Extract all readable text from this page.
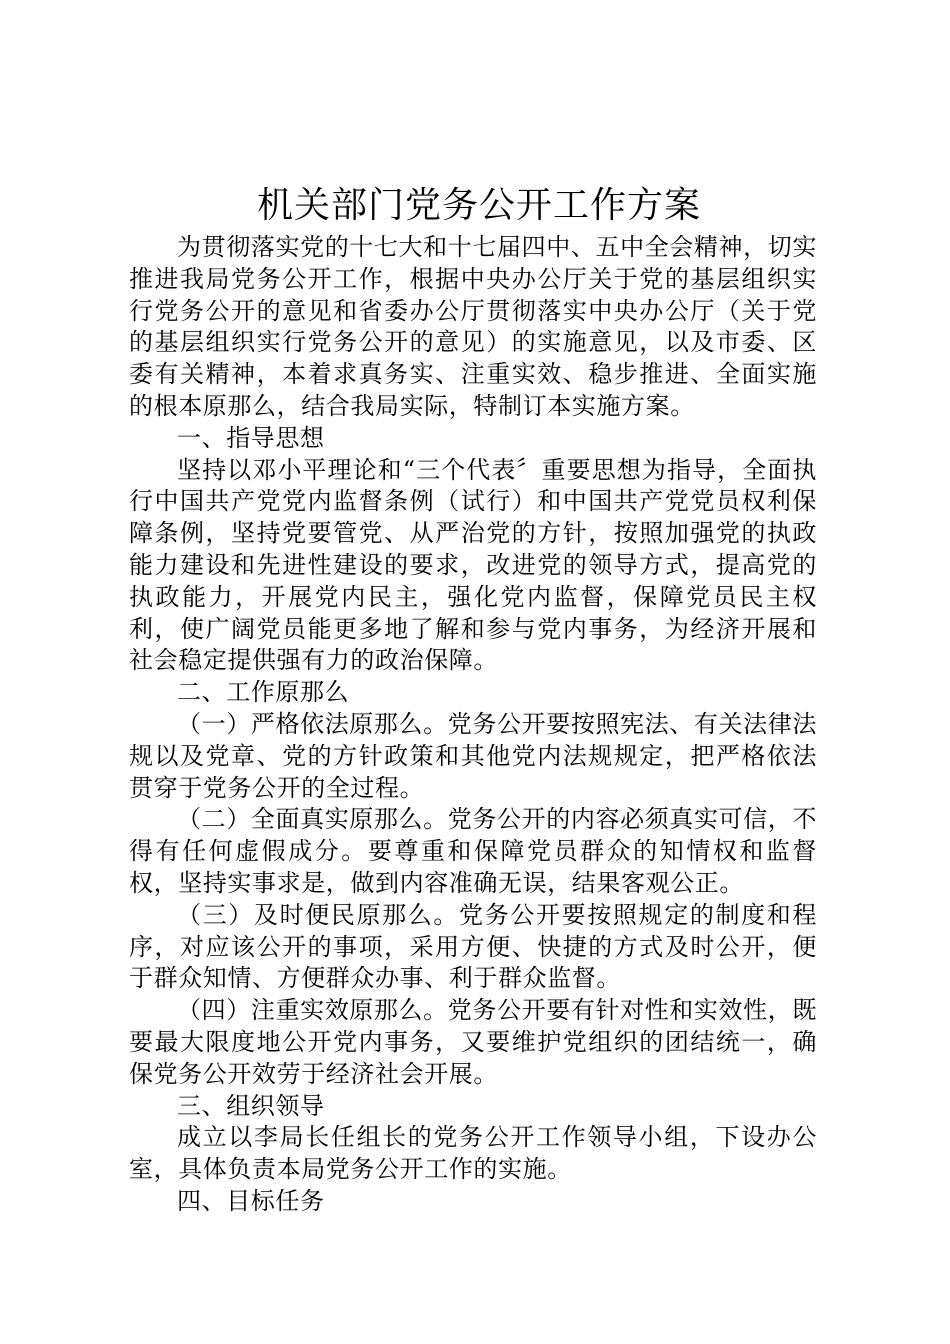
机关部门党务公开工作方案

为贯彻落实党的十七大和十七届四中、五中全会精神，切实推进我局党务公开工作，根据中央办公厅关于党的基层组织实行党务公开的意见和省委办公厅贯彻落实中央办公厅（关于党的基层组织实行党务公开的意见）的实施意见，以及市委、区委有关精神，本着求真务实、注重实效、稳步推进、全面实施的根本原那么，结合我局实际，特制订本实施方案。

一、指导思想

坚持以邓小平理论和“三个代表〞重要思想为指导，全面执行中国共产党党内监督条例（试行）和中国共产党党员权利保障条例，坚持党要管党、从严治党的方针，按照加强党的执政能力建设和先进性建设的要求，改进党的领导方式，提高党的执政能力，开展党内民主，强化党内监督，保障党员民主权利，使广阔党员能更多地了解和参与党内事务，为经济开展和社会稳定提供强有力的政治保障。

二、工作原那么

（一）严格依法原那么。党务公开要按照宪法、有关法律法规以及党章、党的方针政策和其他党内法规规定，把严格依法贯穿于党务公开的全过程。

（二）全面真实原那么。党务公开的内容必须真实可信，不得有任何虚假成分。要尊重和保障党员群众的知情权和监督权，坚持实事求是，做到内容准确无误，结果客观公正。

（三）及时便民原那么。党务公开要按照规定的制度和程序，对应该公开的事项，采用方便、快捷的方式及时公开，便于群众知情、方便群众办事、利于群众监督。

（四）注重实效原那么。党务公开要有针对性和实效性，既要最大限度地公开党内事务，又要维护党组织的团结统一，确保党务公开效劳于经济社会开展。

三、组织领导

成立以李局长任组长的党务公开工作领导小组，下设办公室，具体负责本局党务公开工作的实施。

四、目标任务
